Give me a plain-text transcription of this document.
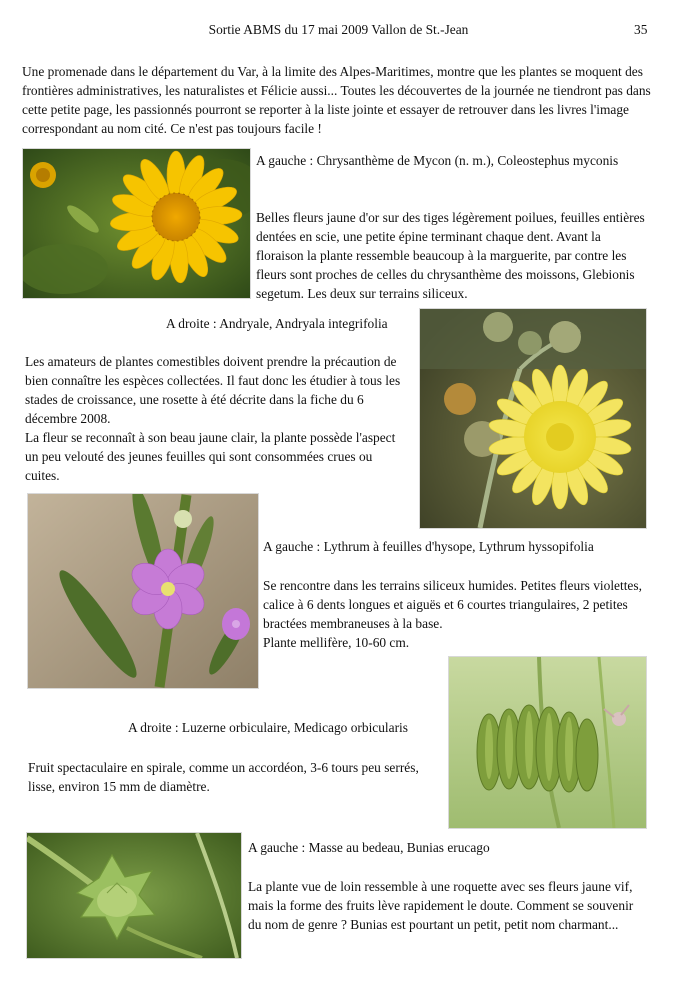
Sortie ABMS du 17 mai 2009 Vallon de St.-Jean	35
Une promenade dans le département du Var, à la limite des Alpes-Maritimes, montre que les plantes se moquent des frontières administratives, les naturalistes et Félicie aussi... Toutes les découvertes de la journée ne tiendront pas dans cette petite page, les passionnés pourront se reporter à la liste jointe et essayer de retrouver dans les livres l'image correspondant au nom cité. Ce n'est pas toujours facile !
A gauche : Chrysanthème de Mycon (n. m.), Coleostephus myconis
Belles fleurs jaune d'or sur des tiges légèrement poilues, feuilles entières dentées en scie, une petite épine terminant chaque dent. Avant la floraison la plante ressemble beaucoup à la marguerite, par contre les fleurs sont proches de celles du chrysanthème des moissons, Glebionis segetum. Les deux sur terrains siliceux.
A droite : Andryale, Andryala integrifolia
Les amateurs de plantes comestibles doivent prendre la précaution de bien connaître les espèces collectées. Il faut donc les étudier à tous les stades de croissance, une rosette à été décrite dans la fiche du 6 décembre 2008.
La fleur se reconnaît à son beau jaune clair, la plante possède l'aspect un peu velouté des jeunes feuilles qui sont consommées crues ou cuites.
A gauche : Lythrum à feuilles d'hysope, Lythrum hyssopifolia
Se rencontre dans les terrains siliceux humides. Petites fleurs violettes, calice à 6 dents longues et aiguës et 6 courtes triangulaires, 2 petites bractées membraneuses à la base.
Plante mellifère, 10-60 cm.
A droite : Luzerne orbiculaire, Medicago orbicularis
Fruit spectaculaire en spirale, comme un accordéon, 3-6 tours peu serrés, lisse, environ 15 mm de diamètre.
A gauche : Masse au bedeau, Bunias erucago
La plante vue de loin ressemble à une roquette avec ses fleurs jaune vif, mais la forme des fruits lève rapidement le doute. Comment se souvenir du nom de genre ? Bunias est pourtant un petit, petit nom charmant...
